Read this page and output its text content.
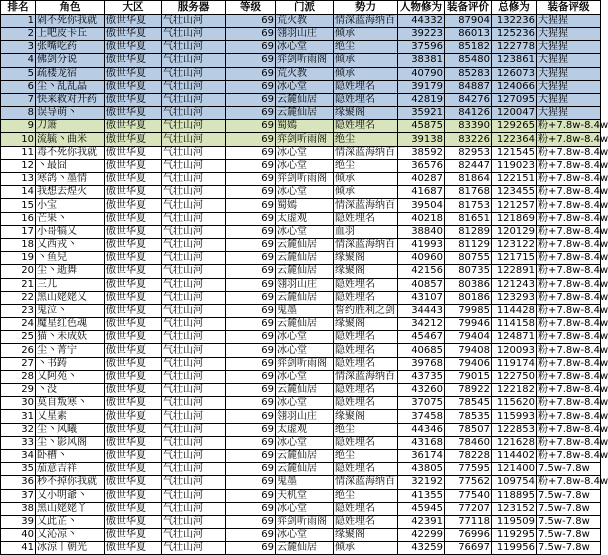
排名	角色	大区	服务器	等级	门派	势力	人物修为	装备评价	总修为	装备评级
1	剁不死你我就	傲世华夏	气壮山河	69	荒火教	情深蓝海纳百	44332	87904	132236	大猩猩
2	上吧皮卡丘	傲世华夏	气壮山河	69	翎羽山庄	倾承	39223	86013	125236	大猩猩
3	张嘴吃药	傲世华夏	气壮山河	69	冰心堂	绝尘	37596	85182	122778	大猩猩
4	佛剑分说	傲世华夏	气壮山河	69	弈剑听雨阁	倾承	38381	85480	123861	大猩猩
5	疏楼龙宿	傲世华夏	气壮山河	69	荒火教	倾承	40790	85283	126073	大猩猩
6	尘丶乱乱晶	傲世华夏	气壮山河	69	冰心堂	隐姓埋名	39179	84887	124066	大猩猩
7	快来救对开药	傲世华夏	气壮山河	69	云麓仙居	隐姓埋名	42819	84276	127095	大猩猩
8	误导萌丶	傲世华夏	气壮山河	69	云麓仙居	缘聚阁	35921	84126	120047	大猩猩
9	刀箫	傲世华夏	气壮山河	69	蜀嫣	隐姓埋名	45875	83390	129265	粉+7.8w-8.4w
10	流毓丶曲米	傲世华夏	气壮山河	69	弈剑听雨阁	绝尘	39138	83226	122364	粉+7.8w-8.4w
11	毒不死你我就	傲世华夏	气壮山河	69	冰心堂	情深蓝海纳百	38592	82953	121545	粉+7.8w-8.4w
12	丶最囧	傲世华夏	气壮山河	69	冰心堂	绝尘	36576	82447	119023	粉+7.8w-8.4w
13	寒鸽丶墨情	傲世华夏	气壮山河	69	弈剑听雨阁	倾承	40287	81864	122151	粉+7.8w-8.4w
14	我想去煌火	傲世华夏	气壮山河	69	冰心堂	倾承	41687	81768	123455	粉+7.8w-8.4w
15	小宝	傲世华夏	气壮山河	69	蜀嫣	情深蓝海纳百	39504	81753	121257	粉+7.8w-8.4w
16	芒果丶	傲世华夏	气壮山河	69	太虚观	隐姓埋名	40218	81651	121869	粉+7.8w-8.4w
17	小哥犒乂	傲世华夏	气壮山河	69	冰心堂	血羽	38840	81289	120129	粉+7.8w-8.4w
18	乂西戎丶	傲世华夏	气壮山河	69	云麓仙居	情深蓝海纳百	41993	81129	123122	粉+7.8w-8.4w
19	丶鱼兒	傲世华夏	气壮山河	69	云麓仙居	缘聚阁	40960	80755	121715	粉+7.8w-8.4w
20	尘丶逝舞	傲世华夏	气壮山河	69	云麓仙居	缘聚阁	42156	80735	122891	粉+7.8w-8.4w
21	三儿	傲世华夏	气壮山河	69	翎羽山庄	隐姓埋名	40857	80386	121243	粉+7.8w-8.4w
22	黑山姥姥乂	傲世华夏	气壮山河	69	云麓仙居	隐姓埋名	43107	80186	123293	粉+7.8w-8.4w
23	鬼泣丶	傲世华夏	气壮山河	69	鬼墨	誓约胜利之剑	34443	79985	114428	粉+7.8w-8.4w
24	魔星红色魂	傲世华夏	气壮山河	69	云麓仙居	缘聚阁	34212	79946	114158	粉+7.8w-8.4w
25	猫丶未成妖	傲世华夏	气壮山河	69	冰心堂	隐姓埋名	45467	79404	124871	粉+7.8w-8.4w
26	尘丶菁宁	傲世华夏	气壮山河	69	冰心堂	隐姓埋名	40685	79408	120093	粉+7.8w-8.4w
27	丶书踌	傲世华夏	气壮山河	69	弈剑听雨阁	隐姓埋名	39768	79406	119174	粉+7.8w-8.4w
28	乂阿苑丶	傲世华夏	气壮山河	69	冰心堂	情深蓝海纳百	43735	79015	122750	粉+7.8w-8.4w
29	丶没	傲世华夏	气壮山河	69	云麓仙居	隐姓埋名	43260	78922	122182	粉+7.8w-8.4w
30	莫自叛寒丶	傲世华夏	气壮山河	69	冰心堂	隐姓埋名	37075	78545	115620	粉+7.8w-8.4w
31	乂星素	傲世华夏	气壮山河	69	翎羽山庄	缘聚阁	37458	78535	115993	粉+7.8w-8.4w
32	尘丶风曦	傲世华夏	气壮山河	69	太虚观	绝尘	44346	78507	122853	粉+7.8w-8.4w
33	尘丶影风阁	傲世华夏	气壮山河	69	冰心堂	隐姓埋名	43168	78460	121628	粉+7.8w-8.4w
34	卧槽丶	傲世华夏	气壮山河	69	云麓仙居	绝尘	36174	78228	114402	粉+7.8w-8.4w
35	茄意吉祥	傲世华夏	气壮山河	69	云麓仙居	隐姓埋名	43805	77595	121400	7.5w-7.8w
36	秒不掉你我就	傲世华夏	气壮山河	69	鬼墨	情深蓝海纳百	32192	77562	109754	粉+7.8w-8.4w
37	乂小明爺丶	傲世华夏	气壮山河	69	天机堂	绝尘	41355	77540	118895	7.5w-7.8w
38	黑山姥姥丫	傲世华夏	气壮山河	69	冰心堂	隐姓埋名	45945	77207	123152	7.5w-7.8w
39	乂此芷丶	傲世华夏	气壮山河	69	弈剑听雨阁	隐姓埋名	42391	77118	119509	7.5w-7.8w
40	乂沁凉丶	傲世华夏	气壮山河	69	冰心堂	缘聚阁	42299	76996	119295	7.5w-7.8w
41	冰涼丨朝光	傲世华夏	气壮山河	69	云麓仙居	倾承	43259	76697	119956	7.5w-7.8w
